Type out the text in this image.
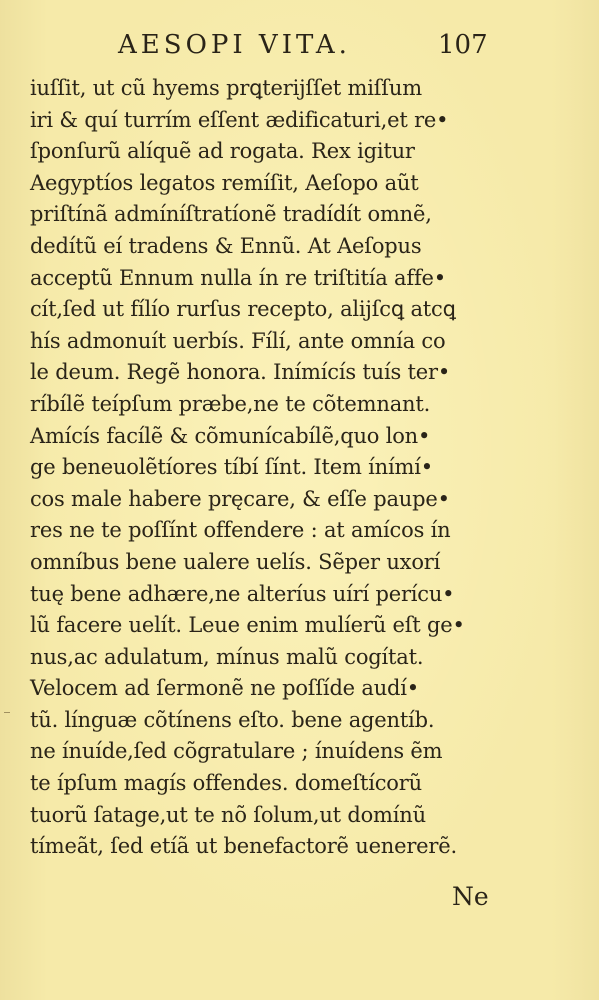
AESOPI VITA.	107
iuſſit, ut cũ hyems prꝗterijſſet miſſum
iri & quí turrím eſſent ædificaturi,et re•
ſponſurũ alíquẽ ad rogata. Rex igitur
Aegyptíos legatos remíſit, Aeſopo aũt
priſtínã admíníſtratíonẽ tradídít omnẽ,
dedítũ eí tradens & Ennũ. At Aeſopus
acceptũ Ennum nulla ín re triſtitía affe•
cít,ſed ut fílío rurſus recepto, alijſcꝗ atcꝗ
hís admonuít uerbís. Fílí, ante omnía co
le deum. Regẽ honora. Inímícís tuís ter•
ríbílẽ teípſum præbe,ne te cõtemnant.
Amícís facílẽ & cõmunícabílẽ,quo lon•
ge beneuolẽtíores tíbí ſínt. Item ínímí•
cos male habere pręcare, & eſſe paupe•
res ne te poſſínt offendere : at amícos ín
omníbus bene ualere uelís. Sẽper uxorí
tuę bene adhære,ne alteríus uírí perícu•
lũ facere uelít. Leue enim mulíerũ eſt ge•
nus,ac adulatum, mínus malũ cogítat.
Velocem ad ſermonẽ ne poſſíde audí•
tũ. línguæ cõtínens eſto. bene agentíb.
ne ínuíde,ſed cõgratulare ; ínuídens ẽm
te ípſum magís offendes. domeſtícorũ
tuorũ ſatage,ut te nõ ſolum,ut domínũ
tímeãt, ſed etíã ut benefactorẽ uenererẽ.
Ne
